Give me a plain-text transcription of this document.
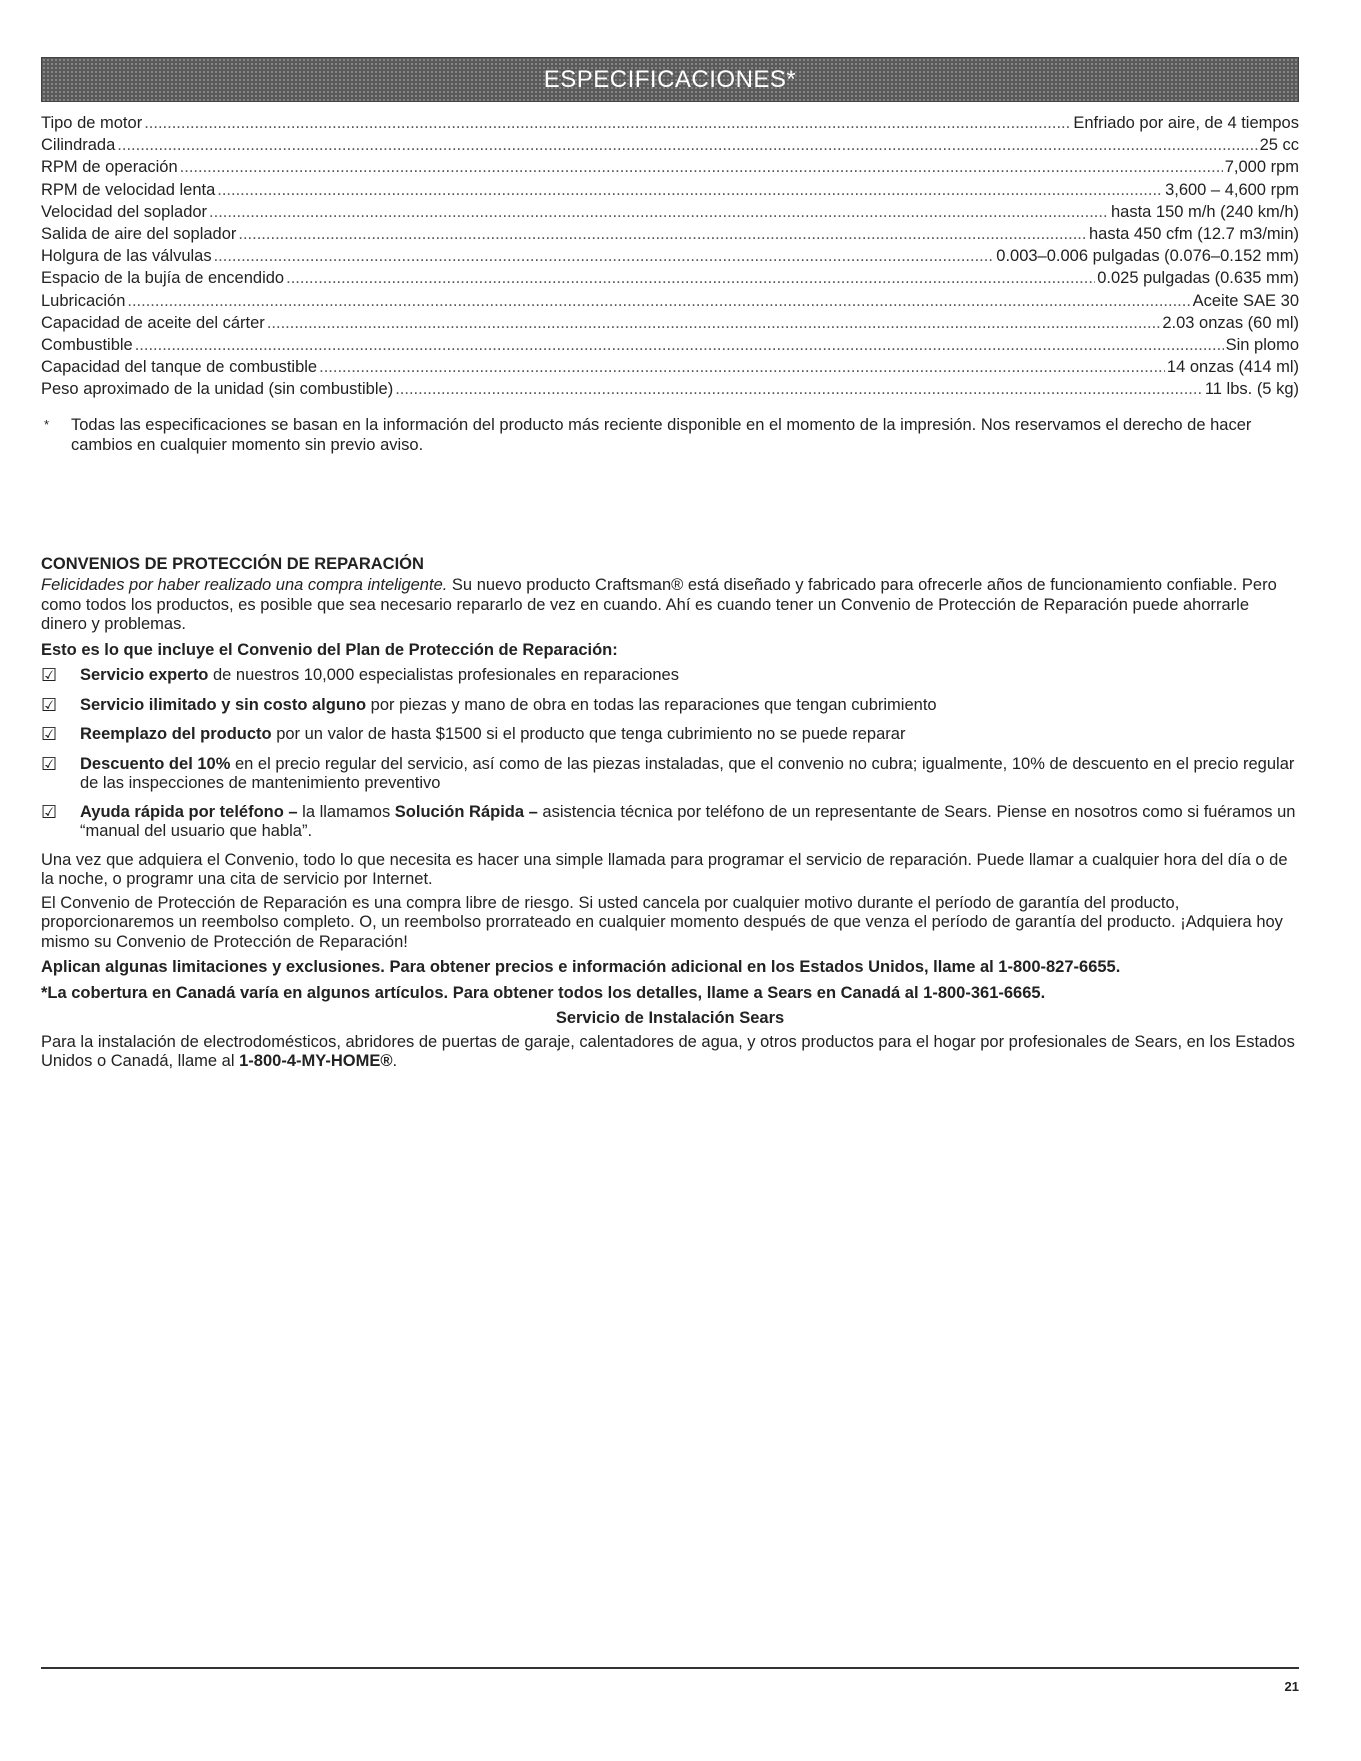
ESPECIFICACIONES*
Tipo de motor .....	Enfriado por aire, de 4 tiempos
Cilindrada .....	25 cc
RPM de operación .....	7,000 rpm
RPM de velocidad lenta .....	3,600 – 4,600 rpm
Velocidad del soplador .....	hasta 150 m/h (240 km/h)
Salida de aire del soplador .....	hasta 450 cfm (12.7 m3/min)
Holgura de las válvulas .....	0.003–0.006 pulgadas (0.076–0.152 mm)
Espacio de la bujía de encendido .....	0.025 pulgadas (0.635 mm)
Lubricación .....	Aceite SAE 30
Capacidad de aceite del cárter .....	2.03 onzas (60 ml)
Combustible .....	Sin plomo
Capacidad del tanque de combustible .....	14 onzas (414 ml)
Peso aproximado de la unidad (sin combustible) .....	11 lbs. (5 kg)
*	Todas las especificaciones se basan en la información del producto más reciente disponible en el momento de la impresión. Nos reservamos el derecho de hacer cambios en cualquier momento sin previo aviso.
CONVENIOS DE PROTECCIÓN DE REPARACIÓN
Felicidades por haber realizado una compra inteligente. Su nuevo producto Craftsman® está diseñado y fabricado para ofrecerle años de funcionamiento confiable. Pero como todos los productos, es posible que sea necesario repararlo de vez en cuando. Ahí es cuando tener un Convenio de Protección de Reparación puede ahorrarle dinero y problemas.
Esto es lo que incluye el Convenio del Plan de Protección de Reparación:
☑	Servicio experto de nuestros 10,000 especialistas profesionales en reparaciones
☑	Servicio ilimitado y sin costo alguno por piezas y mano de obra en todas las reparaciones que tengan cubrimiento
☑	Reemplazo del producto por un valor de hasta $1500 si el producto que tenga cubrimiento no se puede reparar
☑	Descuento del 10% en el precio regular del servicio, así como de las piezas instaladas, que el convenio no cubra; igualmente, 10% de descuento en el precio regular de las inspecciones de mantenimiento preventivo
☑	Ayuda rápida por teléfono – la llamamos Solución Rápida – asistencia técnica por teléfono de un representante de Sears. Piense en nosotros como si fuéramos un “manual del usuario que habla”.
Una vez que adquiera el Convenio, todo lo que necesita es hacer una simple llamada para programar el servicio de reparación. Puede llamar a cualquier hora del día o de la noche, o programr una cita de servicio por Internet.
El Convenio de Protección de Reparación es una compra libre de riesgo. Si usted cancela por cualquier motivo durante el período de garantía del producto, proporcionaremos un reembolso completo. O, un reembolso prorrateado en cualquier momento después de que venza el período de garantía del producto. ¡Adquiera hoy mismo su Convenio de Protección de Reparación!
Aplican algunas limitaciones y exclusiones. Para obtener precios e información adicional en los Estados Unidos, llame al 1-800-827-6655.
*La cobertura en Canadá varía en algunos artículos. Para obtener todos los detalles, llame a Sears en Canadá al 1-800-361-6665.
Servicio de Instalación Sears
Para la instalación de electrodomésticos, abridores de puertas de garaje, calentadores de agua, y otros productos para el hogar por profesionales de Sears, en los Estados Unidos o Canadá, llame al 1-800-4-MY-HOME®.
21
